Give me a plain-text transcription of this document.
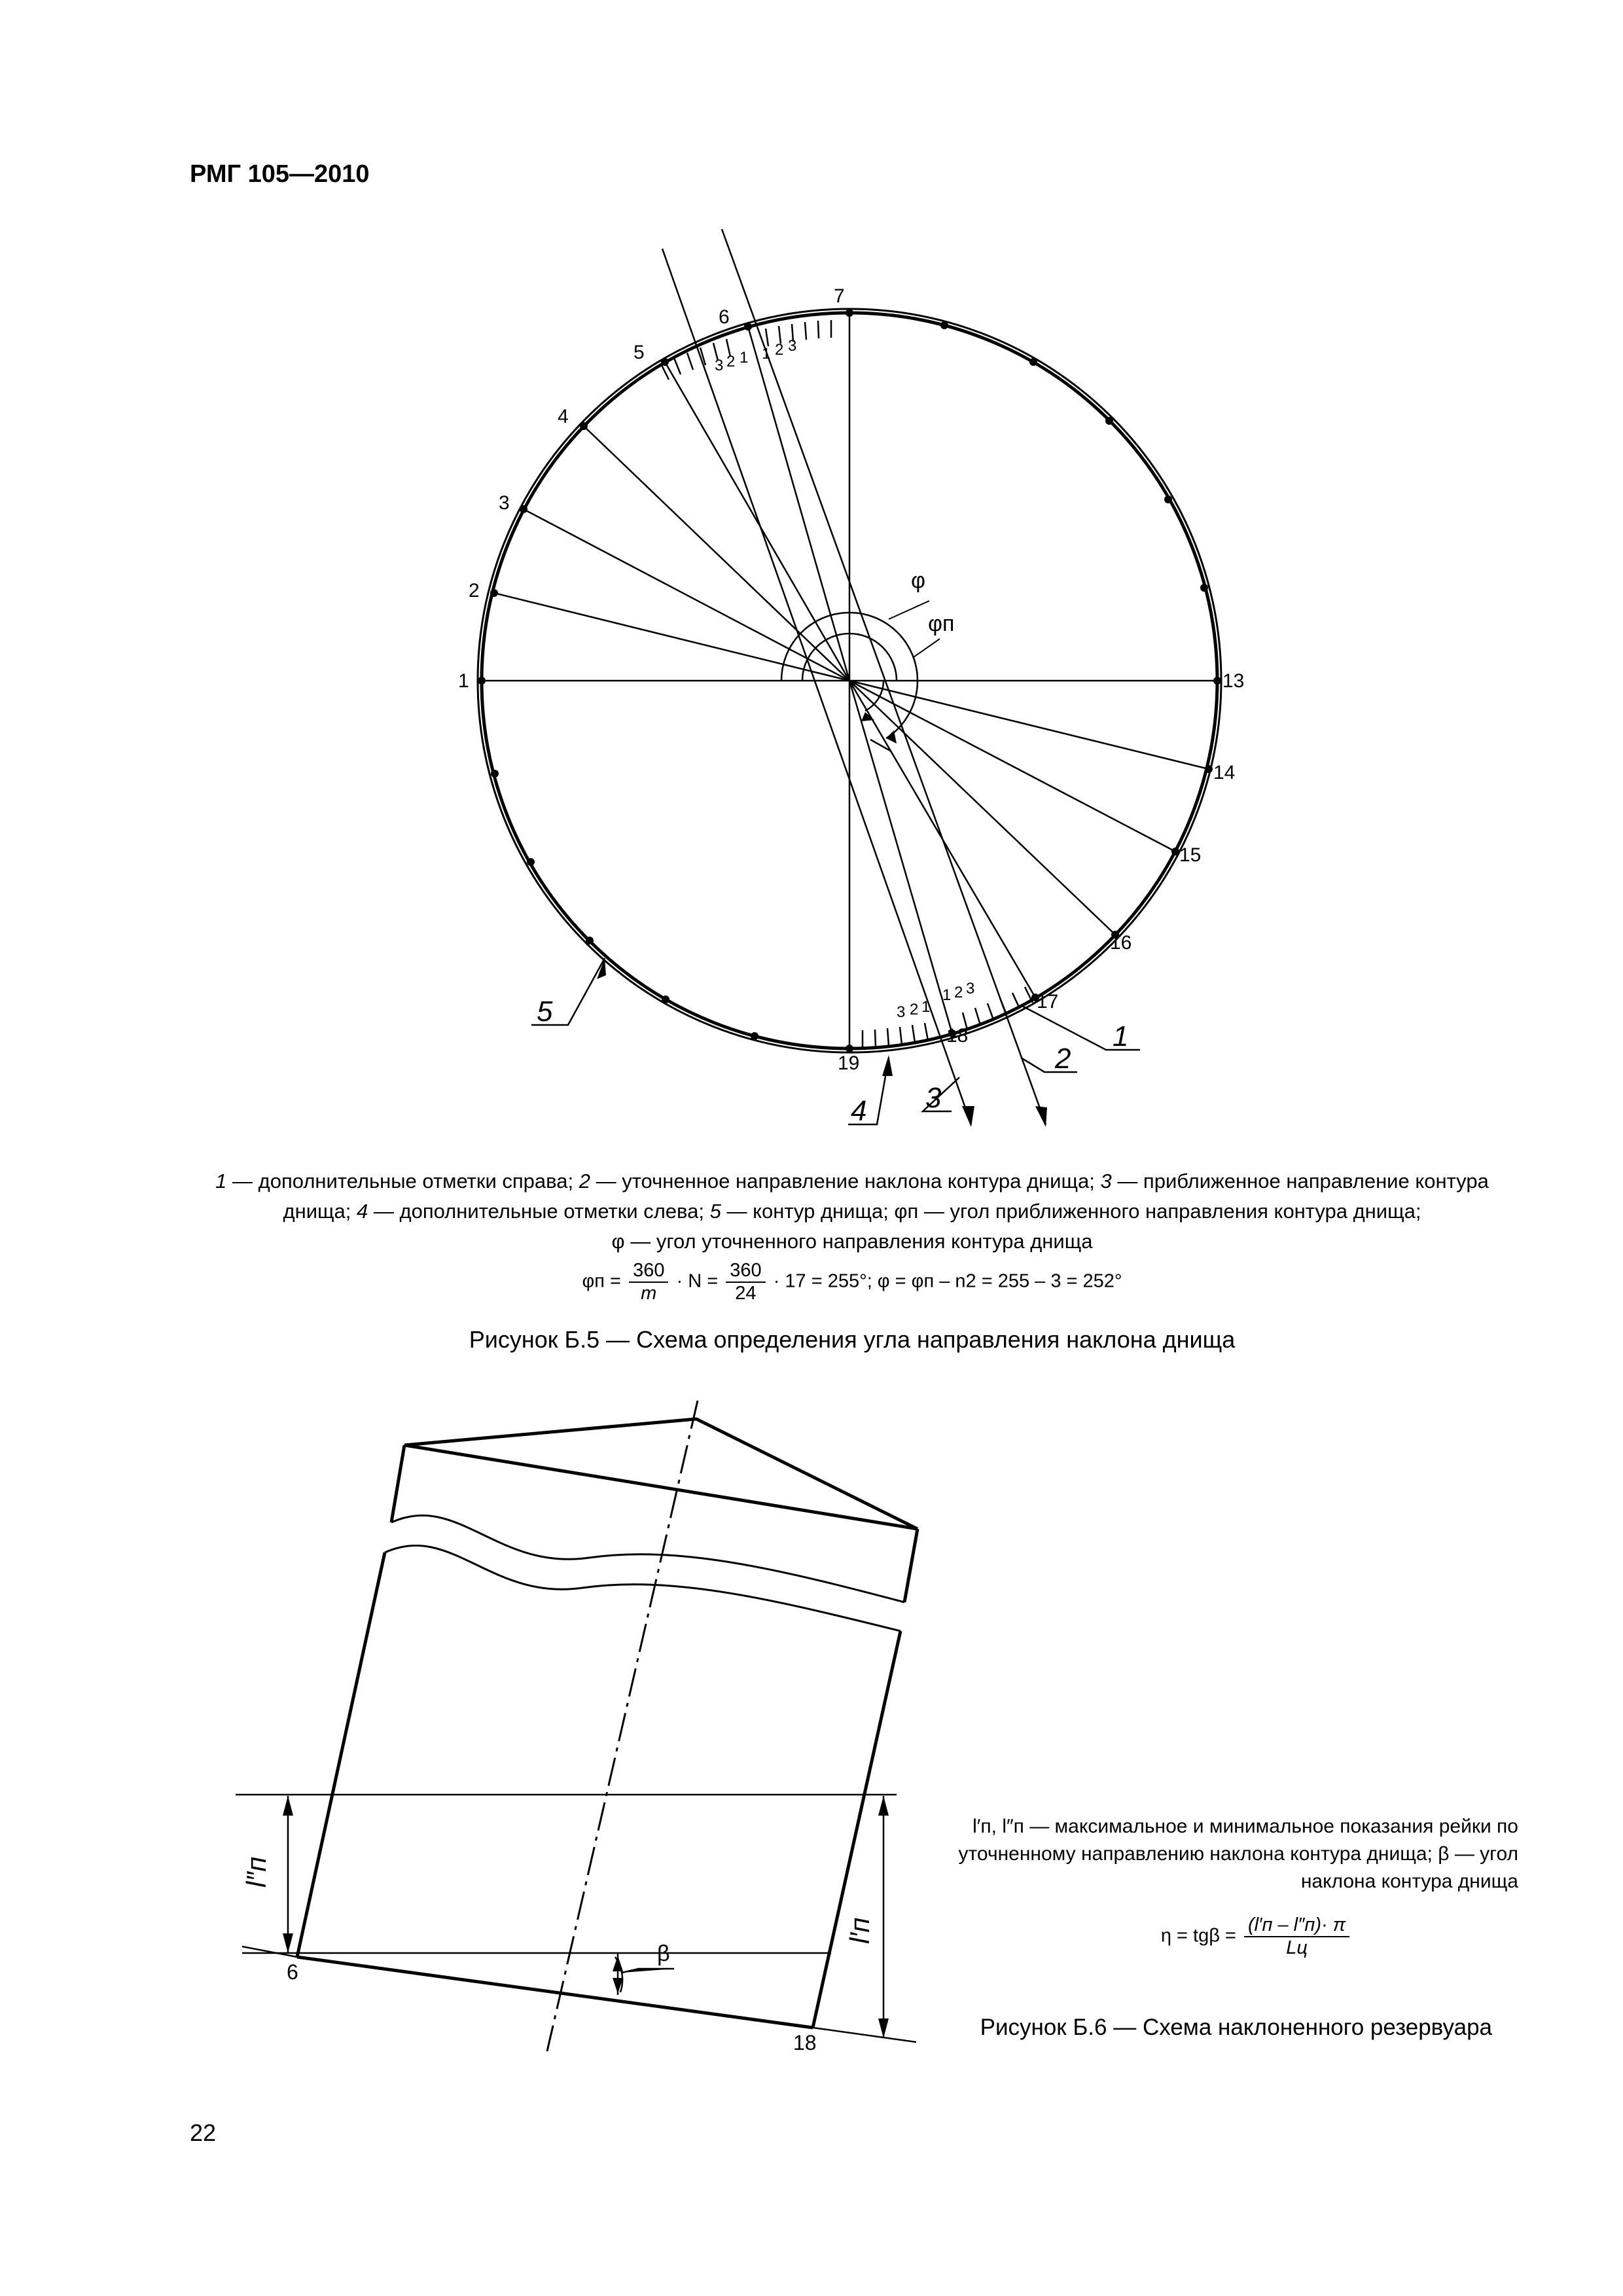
РМГ 105—2010
1
2
3
4
5
6
7
13
14
15
16
17
18
19
3 2 1 1 2 3
3 2 1
1 2 3
1
2
3
4
5
φ
φп
1 — дополнительные отметки справа; 2 — уточненное направление наклона контура днища; 3 — приближенное направление контура днища; 4 — дополнительные отметки слева; 5 — контур днища; φп — угол приближенного направления контура днища;
φ — угол уточненного направления контура днища
$\varphi п = \frac{360}{m} \cdot N = \frac{360}{24} \cdot 17 = 255^\circ$; φ = φп – n2 = 255 – 3 = 252°
Рисунок Б.5 — Схема определения угла направления наклона днища
6
18
β
l″п
l′п
l′п, l″п — максимальное и минимальное показания рейки по уточненному направлению наклона контура днища; β — угол наклона контура днища
$\eta = tg\beta = \frac{(l'п - l''п)\cdot \pi}{Lц}$
Рисунок Б.6 — Схема наклоненного резервуара
22
